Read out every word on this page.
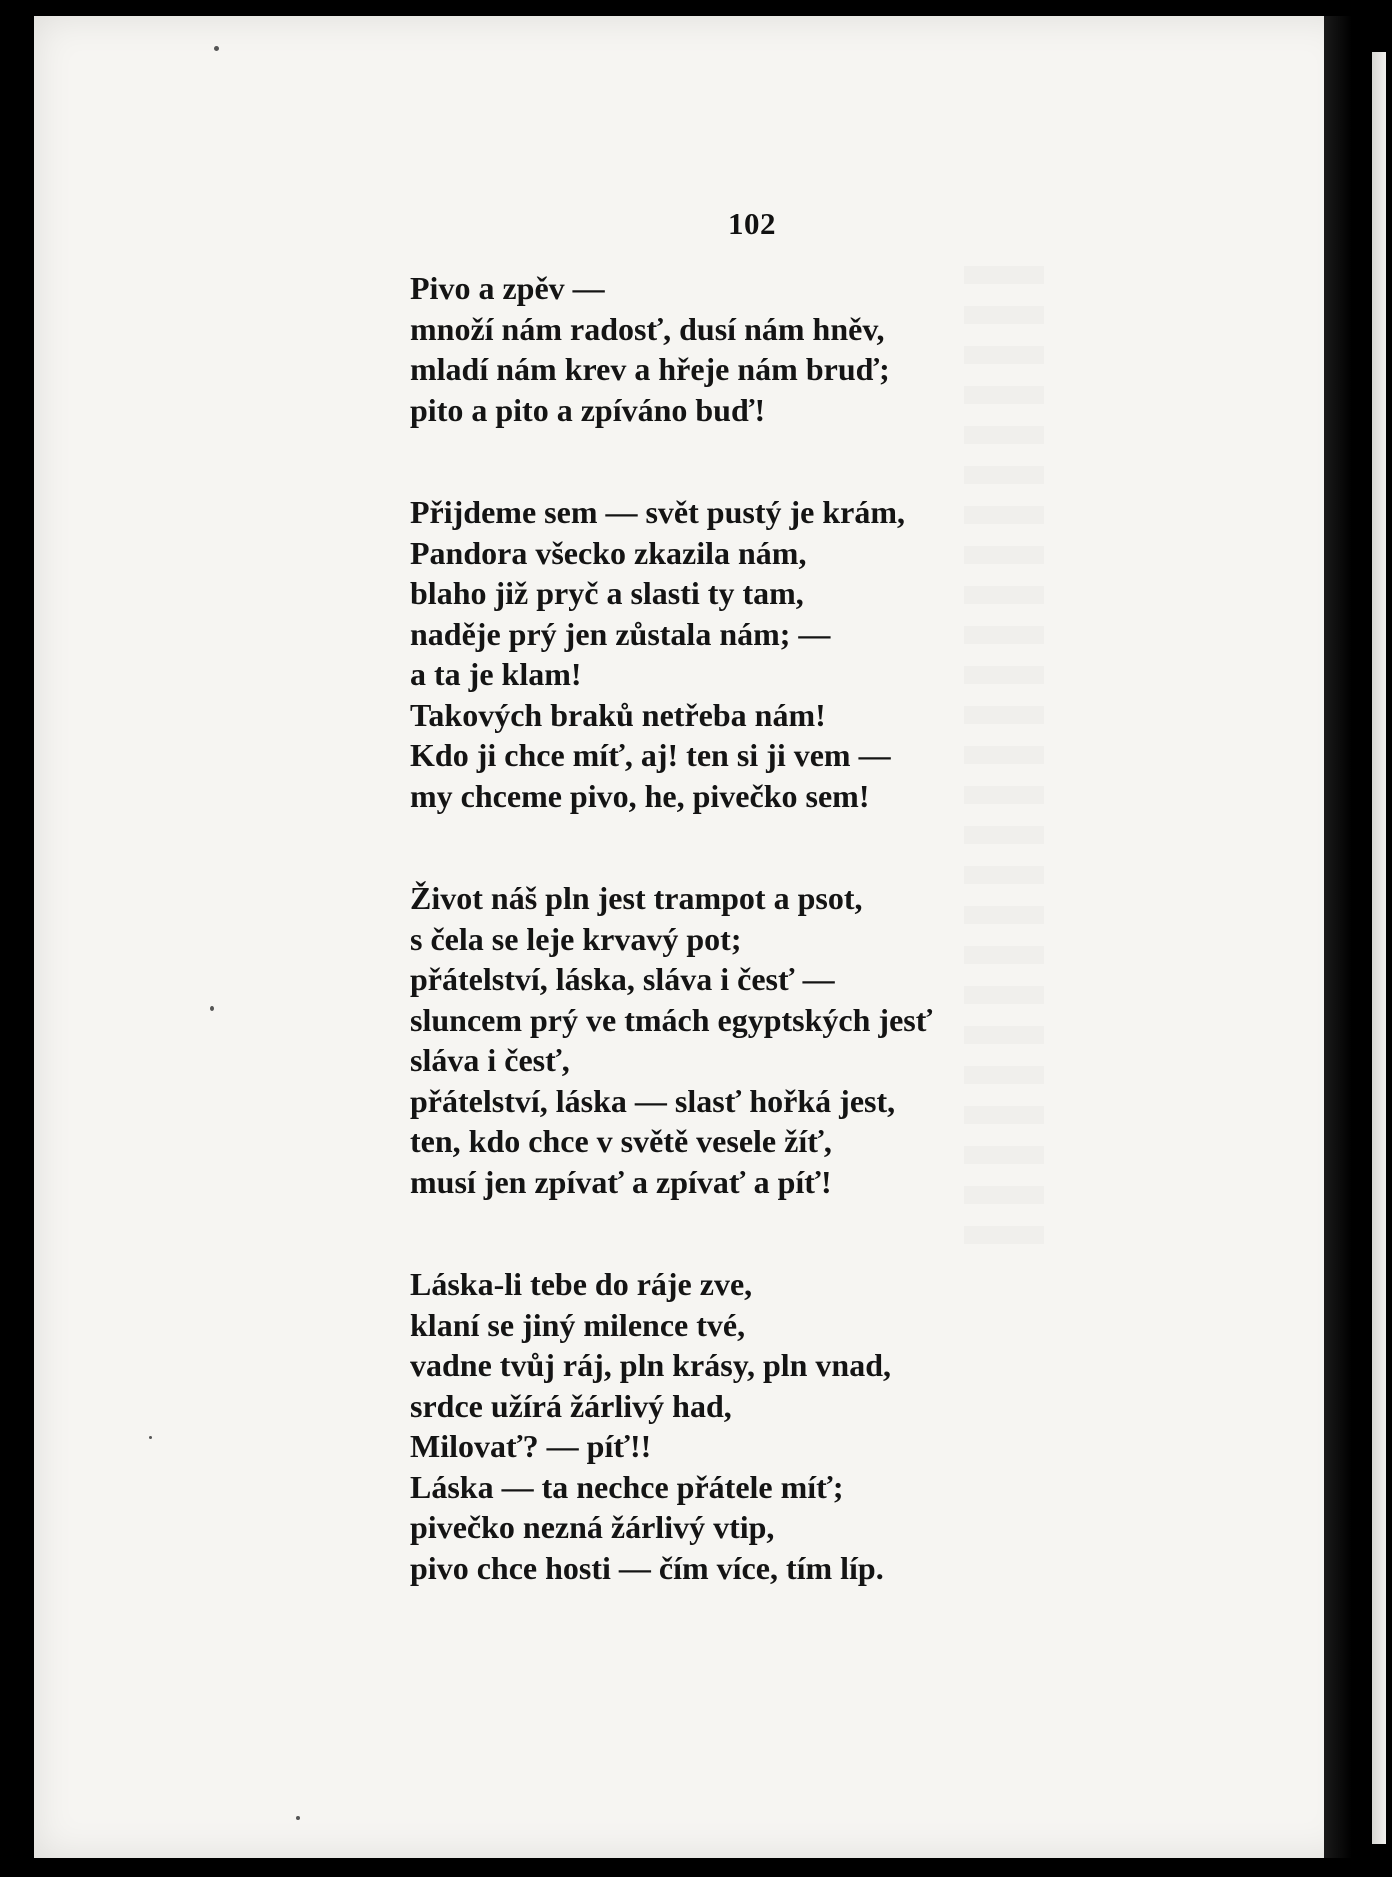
102
Pivo a zpěv —
množí nám radosť, dusí nám hněv,
mladí nám krev a hřeje nám bruď;
pito a pito a zpíváno buď!
Přijdeme sem — svět pustý je krám,
Pandora všecko zkazila nám,
blaho již pryč a slasti ty tam,
naděje prý jen zůstala nám; —
a ta je klam!
Takových braků netřeba nám!
Kdo ji chce míť, aj! ten si ji vem —
my chceme pivo, he, pivečko sem!
Život náš pln jest trampot a psot,
s čela se leje krvavý pot;
přátelství, láska, sláva i česť —
sluncem prý ve tmách egyptských jesť
sláva i česť,
přátelství, láska — slasť hořká jest,
ten, kdo chce v světě vesele žíť,
musí jen zpívať a zpívať a píť!
Láska-li tebe do ráje zve,
klaní se jiný milence tvé,
vadne tvůj ráj, pln krásy, pln vnad,
srdce užírá žárlivý had,
Milovať? — píť!!
Láska — ta nechce přátele míť;
pivečko nezná žárlivý vtip,
pivo chce hosti — čím více, tím líp.
